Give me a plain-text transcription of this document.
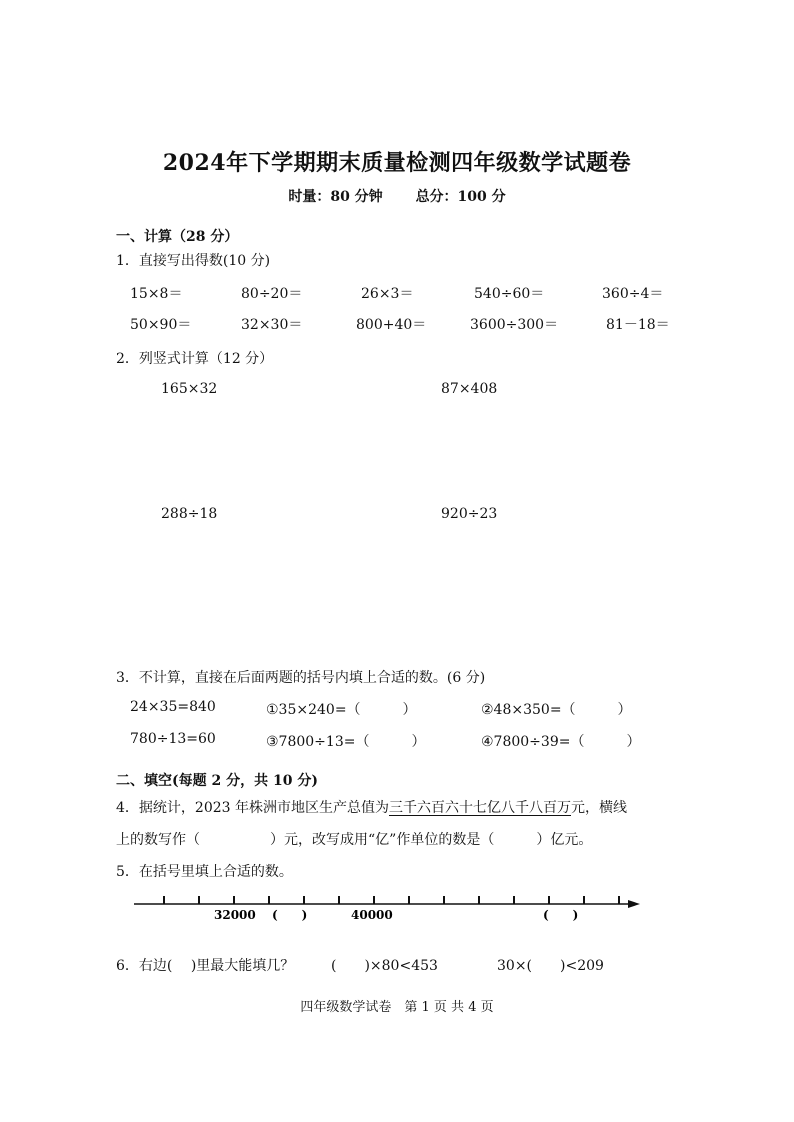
2024年下学期期末质量检测四年级数学试题卷
时量：80 分钟 总分：100 分
一、计算（28 分）
1．直接写出得数(10 分)
15×8＝	80÷20＝	26×3＝	540÷60＝	360÷4＝
50×90＝	32×30＝	800+40＝	3600÷300＝	81－18＝
2．列竖式计算（12 分）
165×32	87×408
288÷18	920÷23
3．不计算，直接在后面两题的括号内填上合适的数。(6 分)
24×35=840	①35×240=（　　　）	②48×350=（　　　）
780÷13=60	③7800÷13=（　　　）	④7800÷39=（　　　）
二、填空(每题 2 分，共 10 分)
4．据统计，2023 年株洲市地区生产总值为三千六百六十七亿八千八百万元，横线
上的数写作（　　　　　）元，改写成用“亿”作单位的数是（　　　）亿元。
5．在括号里填上合适的数。
32000 (　　)	40000	(　　)
6．右边(　 )里最大能填几？	(　　)×80<453	30×(　　)<209
四年级数学试卷　第 1 页 共 4 页
